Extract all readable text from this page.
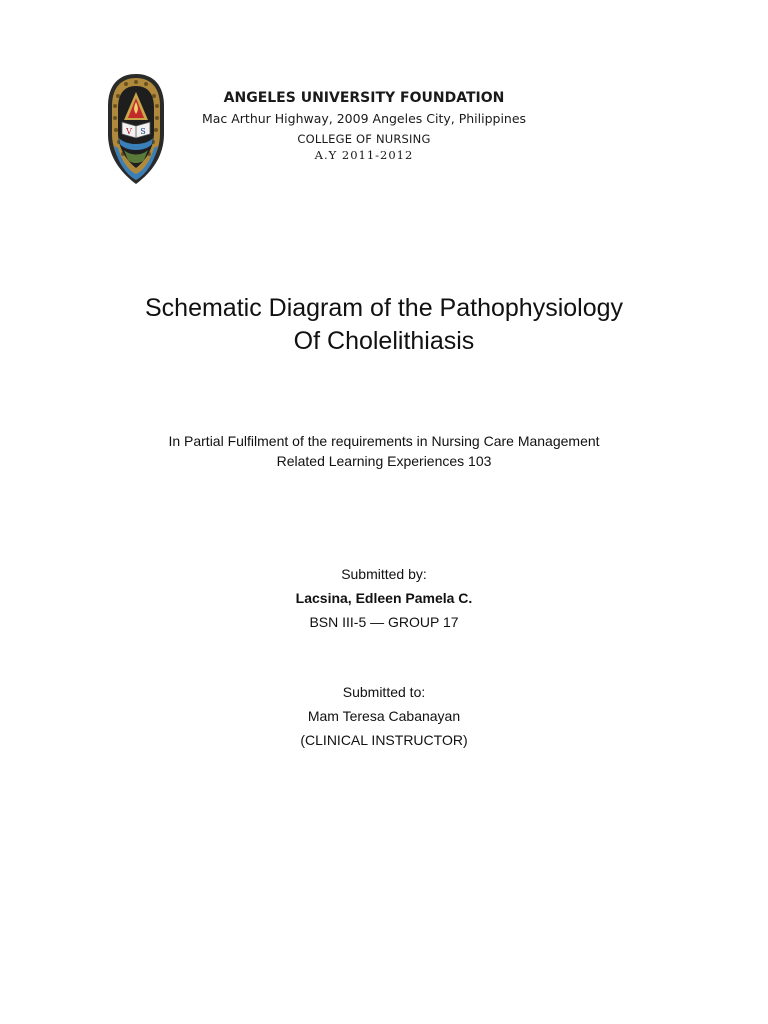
V S
ANGELES UNIVERSITY FOUNDATION
Mac Arthur Highway, 2009 Angeles City, Philippines
COLLEGE OF NURSING
A.Y 2011-2012
Schematic Diagram of the Pathophysiology
Of Cholelithiasis
In Partial Fulfilment of the requirements in Nursing Care Management
Related Learning Experiences 103
Submitted by:
Lacsina, Edleen Pamela C.
BSN III-5 — GROUP 17
Submitted to:
Mam Teresa Cabanayan
(CLINICAL INSTRUCTOR)
